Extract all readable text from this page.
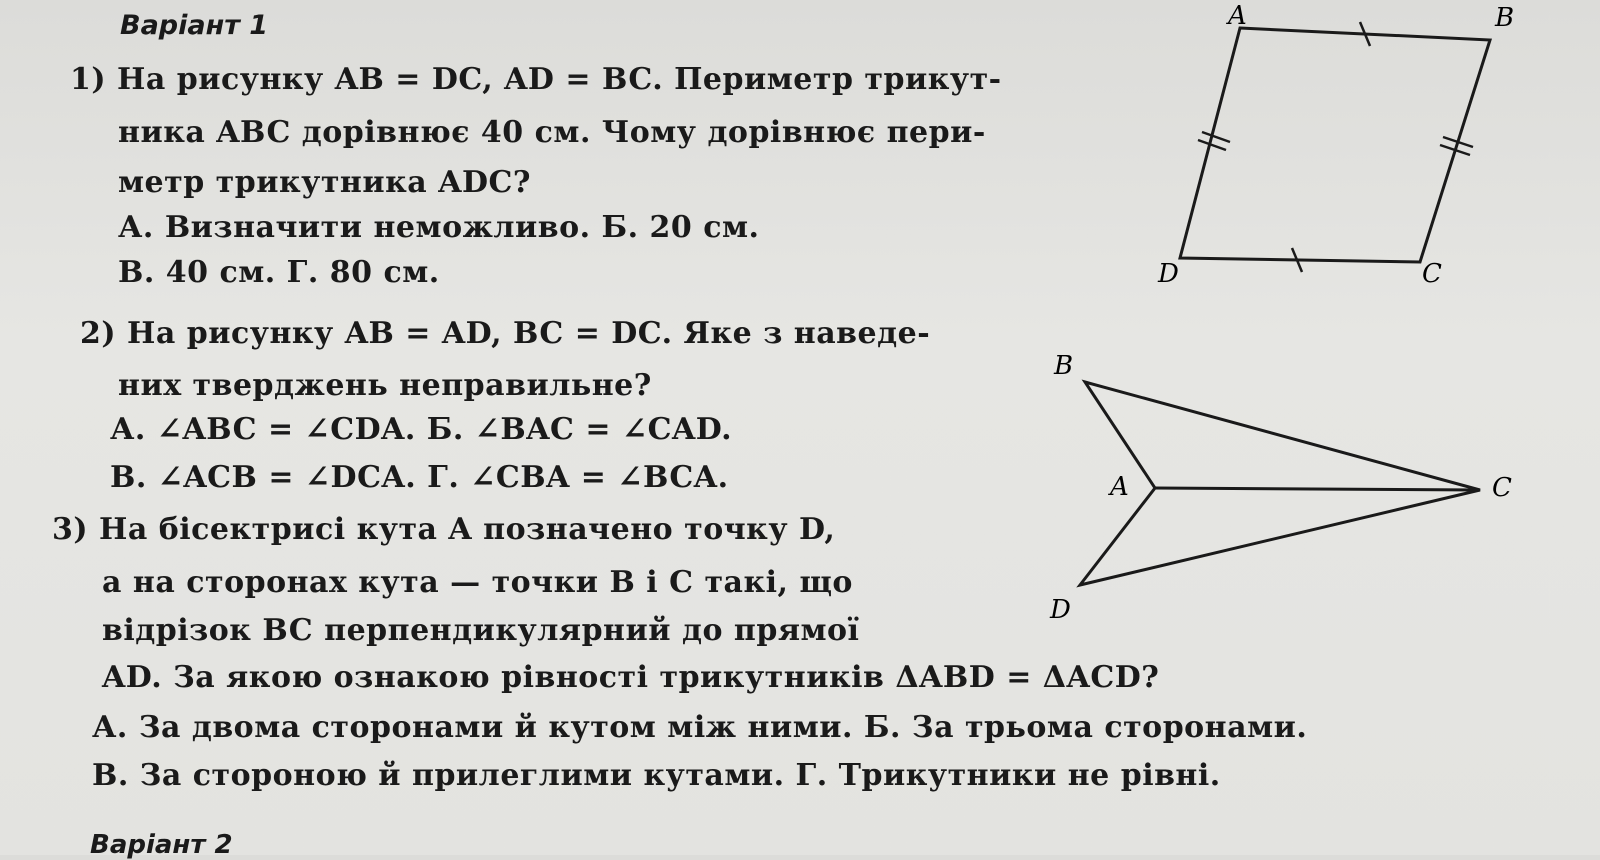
Варіант 1
1) На рисунку AB = DC, AD = BC. Периметр трикут-
ника ABC дорівнює 40 см. Чому дорівнює пери-
метр трикутника ADC?
А. Визначити неможливо. Б. 20 см.
В. 40 см. Г. 80 см.
2) На рисунку AB = AD, BC = DC. Яке з наведе-
них тверджень неправильне?
А. ∠ABC = ∠CDA. Б. ∠BAC = ∠CAD.
В. ∠ACB = ∠DCA. Г. ∠CBA = ∠BCA.
3) На бісектрисі кута A позначено точку D,
а на сторонах кута — точки B і C такі, що
відрізок BC перпендикулярний до прямої
AD. За якою ознакою рівності трикутників ΔABD = ΔACD?
А. За двома сторонами й кутом між ними. Б. За трьома сторонами.
В. За стороною й прилеглими кутами. Г. Трикутники не рівні.
Варіант 2
A	B
C
D
B
A	C
D
